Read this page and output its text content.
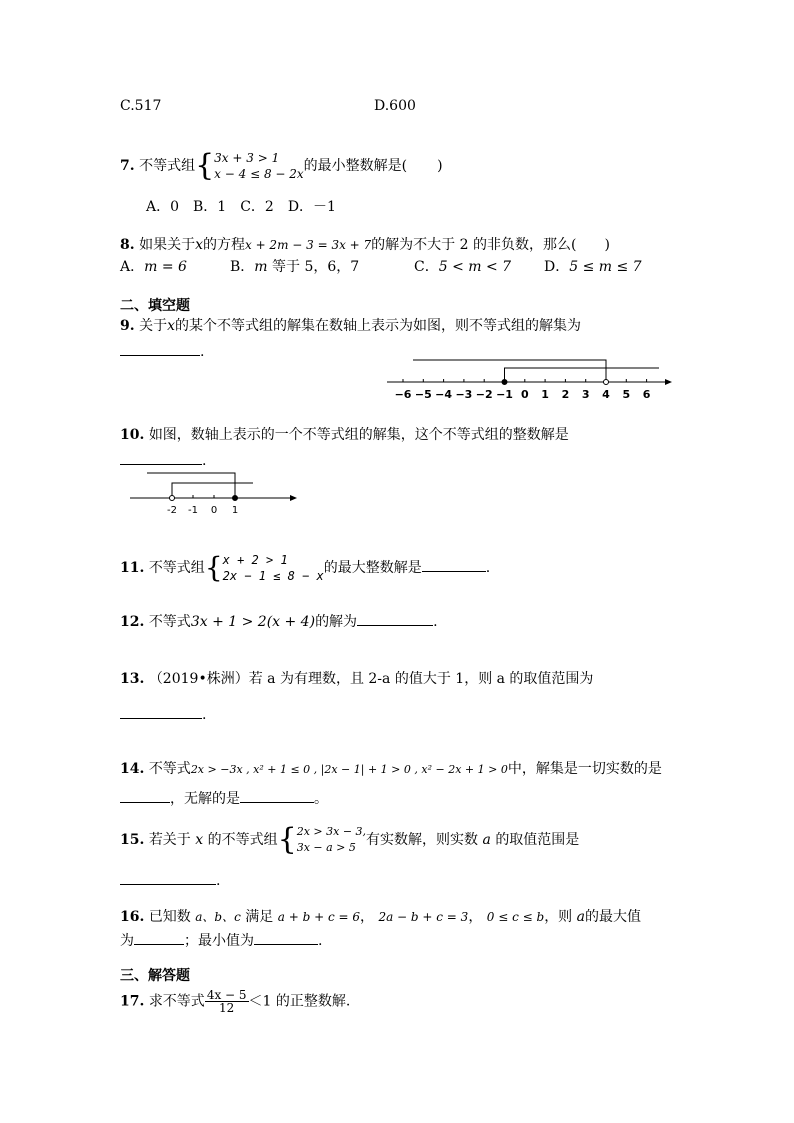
C.517	D.600
7. 不等式组{ 3x + 3 > 1
x − 4 ≤ 8 − 2x 的最小整数解是( )
A．0　B．1　C．2　D．－1
8. 如果关于x的方程x + 2m − 3 = 3x + 7的解为不大于 2 的非负数，那么( )
A．m = 6	B．m 等于 5，6，7	C．5 < m < 7 D．5 ≤ m ≤ 7
二、填空题
9. 关于x的某个不等式组的解集在数轴上表示为如图，则不等式组的解集为
.
−6 −5 −4 −3 −2 −1 0 1 2 3 4 5 6
10. 如图，数轴上表示的一个不等式组的解集，这个不等式组的整数解是
.
-2 -1 0 1
11. 不等式组{ x + 2 > 1
2x − 1 ≤ 8 − x 的最大整数解是	.
12. 不等式3x + 1 > 2(x + 4)的解为	.
13. （2019•株洲）若 a 为有理数，且 2-a 的值大于 1，则 a 的取值范围为
.
14. 不等式2x > −3x , x² + 1 ≤ 0 , |2x − 1| + 1 > 0 , x² − 2x + 1 > 0中，解集是一切实数的是
，无解的是	。
15. 若关于 x 的不等式组{ 2x > 3x − 3,
3x − a > 5 有实数解，则实数 a 的取值范围是
.
16. 已知数 a、b、c 满足 a + b + c = 6， 2a − b + c = 3， 0 ≤ c ≤ b，则 a的最大值
为	；最小值为	.
三、解答题
17. 求不等式 $\frac{4x - 5}{12} <1$ 的正整数解.
